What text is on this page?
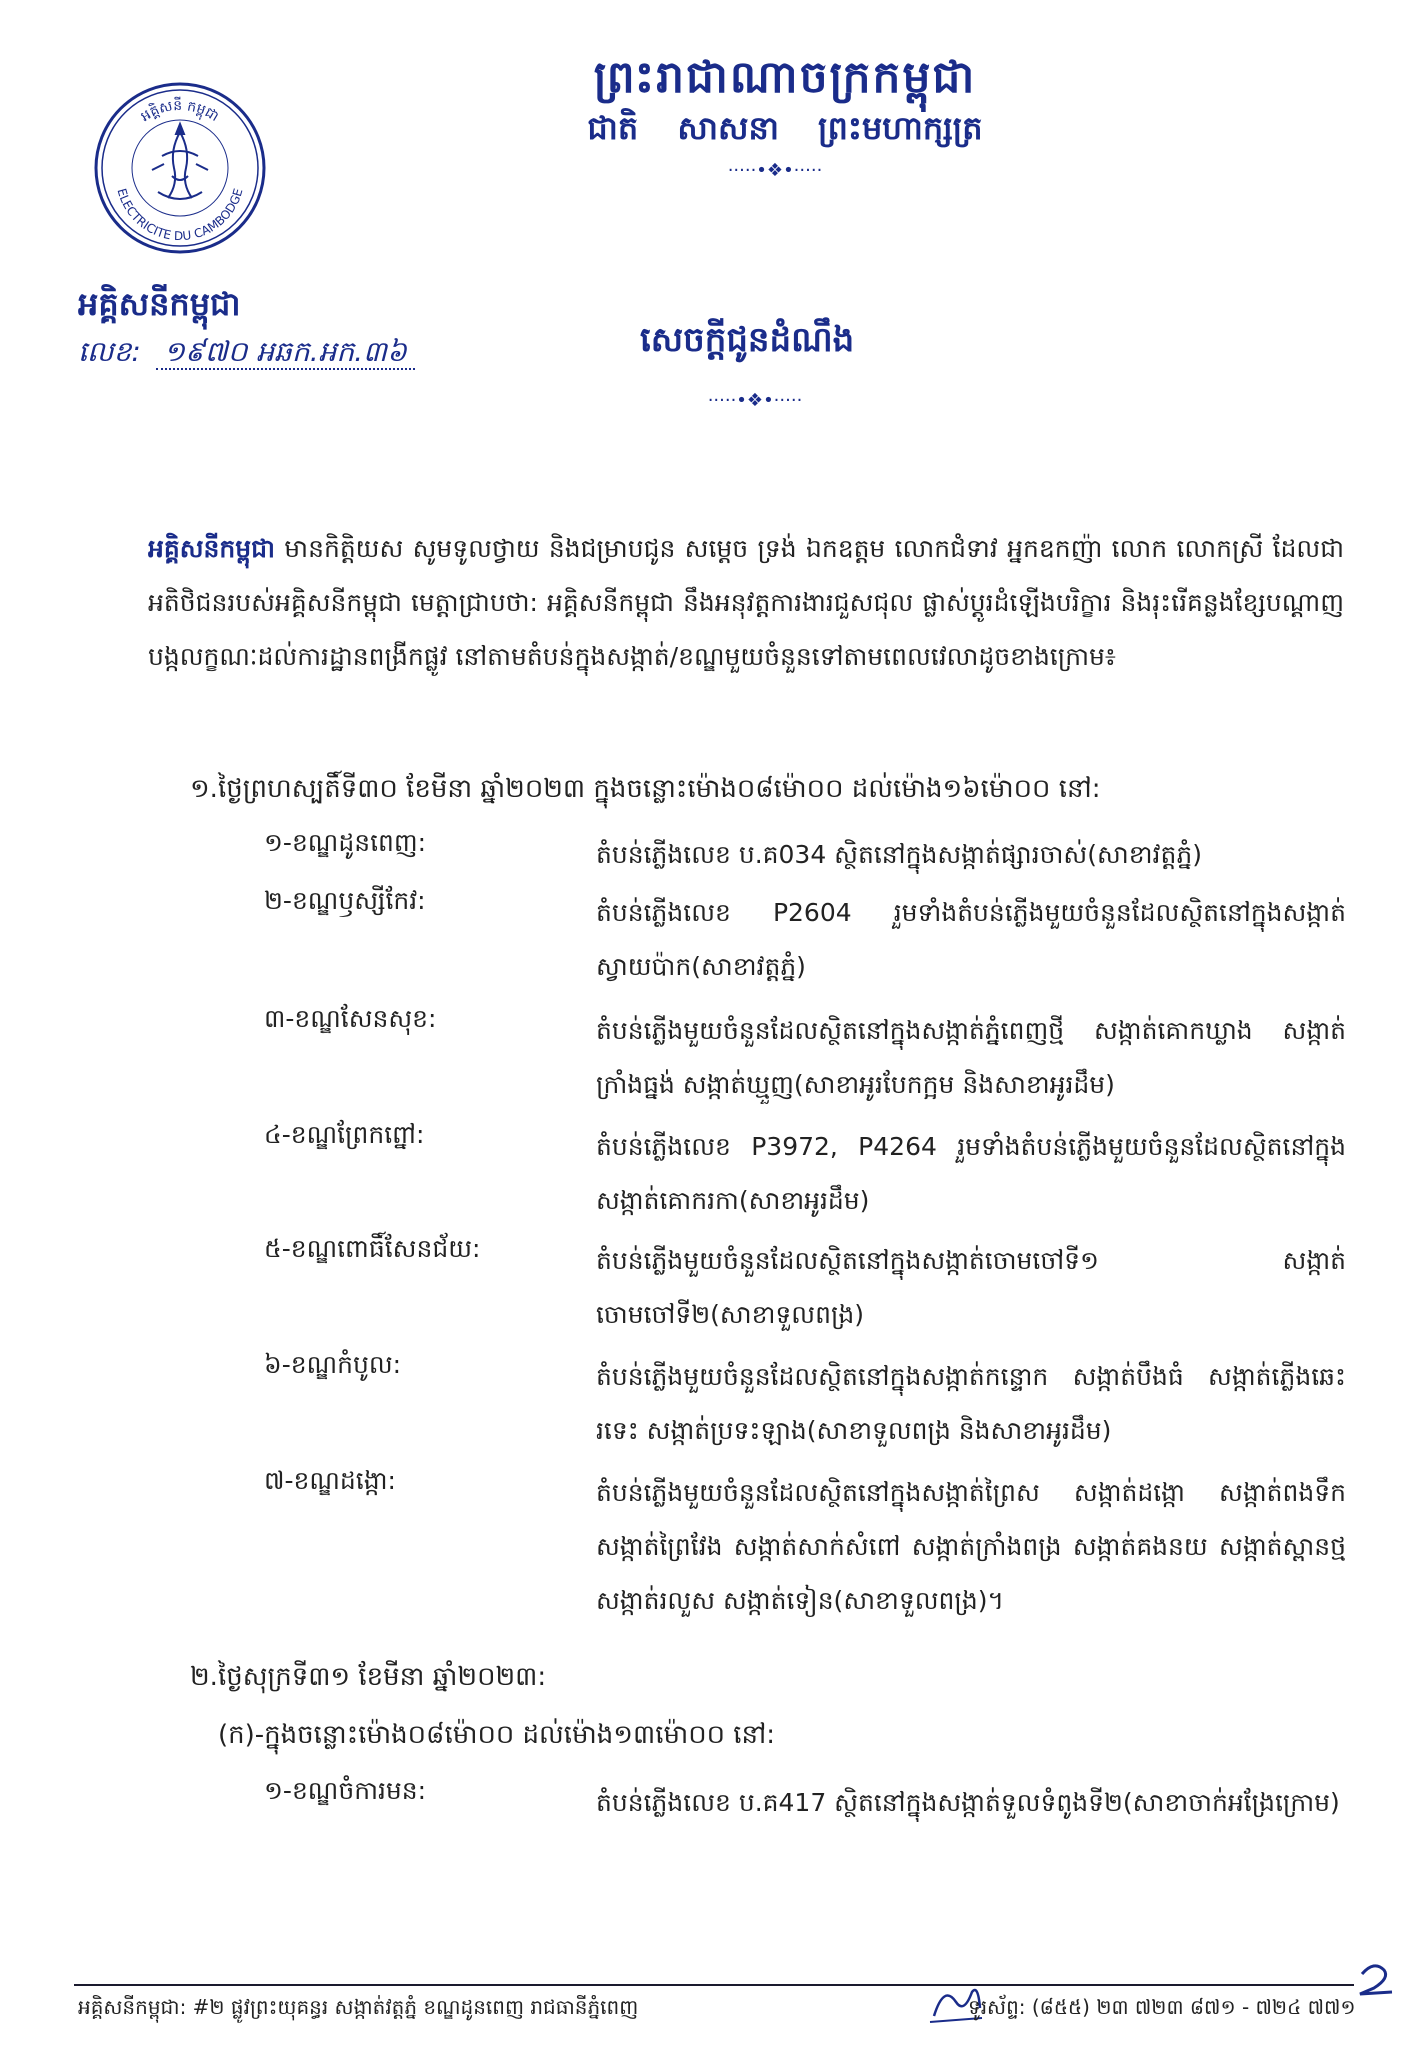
ព្រះរាជាណាចក្រកម្ពុជា
ជាតិ សាសនា ព្រះមហាក្សត្រ
·····•❖•·····
អគ្គិសនី កម្ពុជា
ELECTRICITE DU CAMBODGE
អគ្គិសនីកម្ពុជា
លេខ: ១៩៧០ អឆក.អក.៣៦	សេចក្តីជូនដំណឹង
·····•❖•·····
អគ្គិសនីកម្ពុជា មានកិត្តិយស សូមទូលថ្វាយ និងជម្រាបជូន សម្តេច ទ្រង់ ឯកឧត្តម លោកជំទាវ អ្នកឧកញ៉ា លោក លោកស្រី ដែលជាអតិថិជនរបស់អគ្គិសនីកម្ពុជា មេត្តាជ្រាបថា: អគ្គិសនីកម្ពុជា នឹងអនុវត្តការងារជួសជុល ផ្លាស់ប្តូរដំឡើងបរិក្ខារ និងរុះរើគន្លងខ្សែបណ្តាញបង្កលក្ខណៈដល់ការដ្ឋានពង្រីកផ្លូវ នៅតាមតំបន់ក្នុងសង្កាត់/ខណ្ឌមួយចំនួនទៅតាមពេលវេលាដូចខាងក្រោម៖
១.ថ្ងៃព្រហស្បតិ៍ទី៣០ ខែមីនា ឆ្នាំ២០២៣ ក្នុងចន្លោះម៉ោង០៨ម៉ោ០០ ដល់ម៉ោង១៦ម៉ោ០០ នៅ:
១-ខណ្ឌដូនពេញ:	តំបន់ភ្លើងលេខ ប.គ034 ស្ថិតនៅក្នុងសង្កាត់ផ្សារចាស់(សាខាវត្តភ្នំ)
២-ខណ្ឌឫស្សីកែវ:	តំបន់ភ្លើងលេខ P2604 រួមទាំងតំបន់ភ្លើងមួយចំនួនដែលស្ថិតនៅក្នុងសង្កាត់ស្វាយប៉ាក(សាខាវត្តភ្នំ)
៣-ខណ្ឌសែនសុខ:	តំបន់ភ្លើងមួយចំនួនដែលស្ថិតនៅក្នុងសង្កាត់ភ្នំពេញថ្មី សង្កាត់គោកឃ្លាង សង្កាត់ក្រាំងធ្នង់ សង្កាត់ឃ្មួញ(សាខាអូរបែកក្អម និងសាខាអូរដឹម)
៤-ខណ្ឌព្រែកព្នៅ:	តំបន់ភ្លើងលេខ P3972, P4264 រួមទាំងតំបន់ភ្លើងមួយចំនួនដែលស្ថិតនៅក្នុងសង្កាត់គោករកា(សាខាអូរដឹម)
៥-ខណ្ឌពោធិ៍សែនជ័យ:	តំបន់ភ្លើងមួយចំនួនដែលស្ថិតនៅក្នុងសង្កាត់ចោមចៅទី១ សង្កាត់ចោមចៅទី២(សាខាទួលពង្រ)
៦-ខណ្ឌកំបូល:	តំបន់ភ្លើងមួយចំនួនដែលស្ថិតនៅក្នុងសង្កាត់កន្ទោក សង្កាត់បឹងធំ សង្កាត់ភ្លើងឆេះរទេះ សង្កាត់ប្រទះឡាង(សាខាទួលពង្រ និងសាខាអូរដឹម)
៧-ខណ្ឌដង្កោ:	តំបន់ភ្លើងមួយចំនួនដែលស្ថិតនៅក្នុងសង្កាត់ព្រៃស សង្កាត់ដង្កោ សង្កាត់ពងទឹក សង្កាត់ព្រៃវែង សង្កាត់សាក់សំពៅ សង្កាត់ក្រាំងពង្រ សង្កាត់គងនយ សង្កាត់ស្ពានថ្ម សង្កាត់រលួស សង្កាត់ទៀន(សាខាទួលពង្រ)។
២.ថ្ងៃសុក្រទី៣១ ខែមីនា ឆ្នាំ២០២៣:
(ក)-ក្នុងចន្លោះម៉ោង០៨ម៉ោ០០ ដល់ម៉ោង១៣ម៉ោ០០ នៅ:
១-ខណ្ឌចំការមន:	តំបន់ភ្លើងលេខ ប.គ417 ស្ថិតនៅក្នុងសង្កាត់ទួលទំពូងទី២(សាខាចាក់អង្រែក្រោម)
អគ្គិសនីកម្ពុជា: #២ ផ្លូវព្រះយុគន្ធរ សង្កាត់វត្តភ្នំ ខណ្ឌដូនពេញ រាជធានីភ្នំពេញ	ទូរស័ព្ទ: (៨៥៥) ២៣ ៧២៣ ៨៧១ - ៧២៤ ៧៧១
